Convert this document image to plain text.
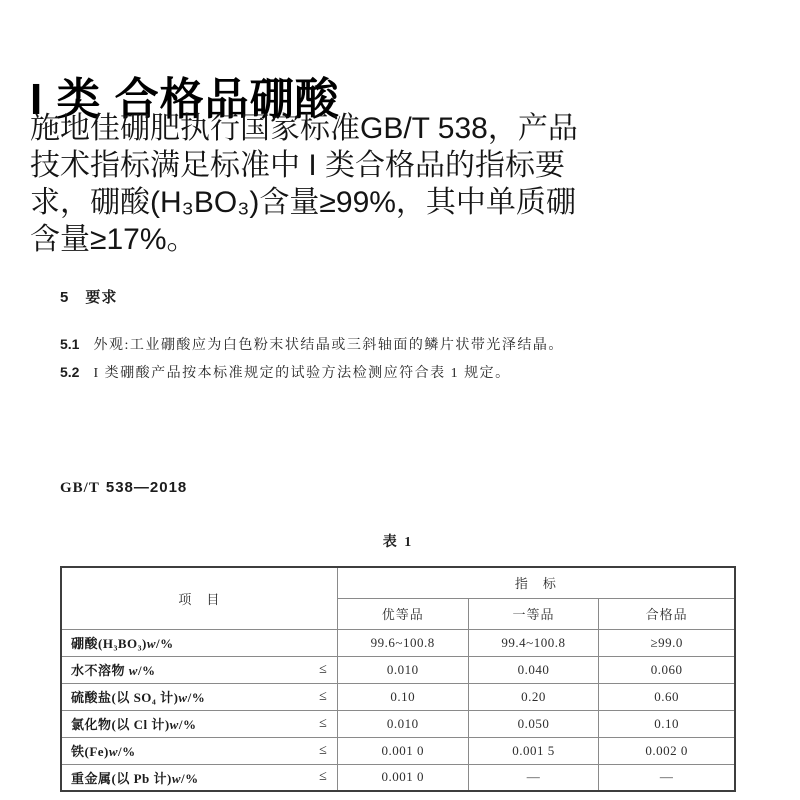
I 类 合格品硼酸
施地佳硼肥执行国家标准GB/T 538，产品
技术指标满足标准中 I 类合格品的指标要
求，硼酸(H₃BO₃)含量≥99%，其中单质硼
含量≥17%。
5 要求
5.1 外观:工业硼酸应为白色粉末状结晶或三斜轴面的鳞片状带光泽结晶。
5.2 I 类硼酸产品按本标准规定的试验方法检测应符合表 1 规定。
GB/T 538—2018
表 1
项　目	指　标		
	优等品	一等品	合格品

硼酸(H₃BO₃)w/%	99.6~100.8	99.4~100.8	≥99.0

水不溶物 w/% ≤	0.010	0.040	0.060

硫酸盐(以 SO₄ 计)w/% ≤	0.10	0.20	0.60

氯化物(以 Cl 计)w/% ≤	0.010	0.050	0.10

铁(Fe)w/% ≤	0.001 0	0.001 5	0.002 0

重金属(以 Pb 计)w/% ≤	0.001 0	—	—
